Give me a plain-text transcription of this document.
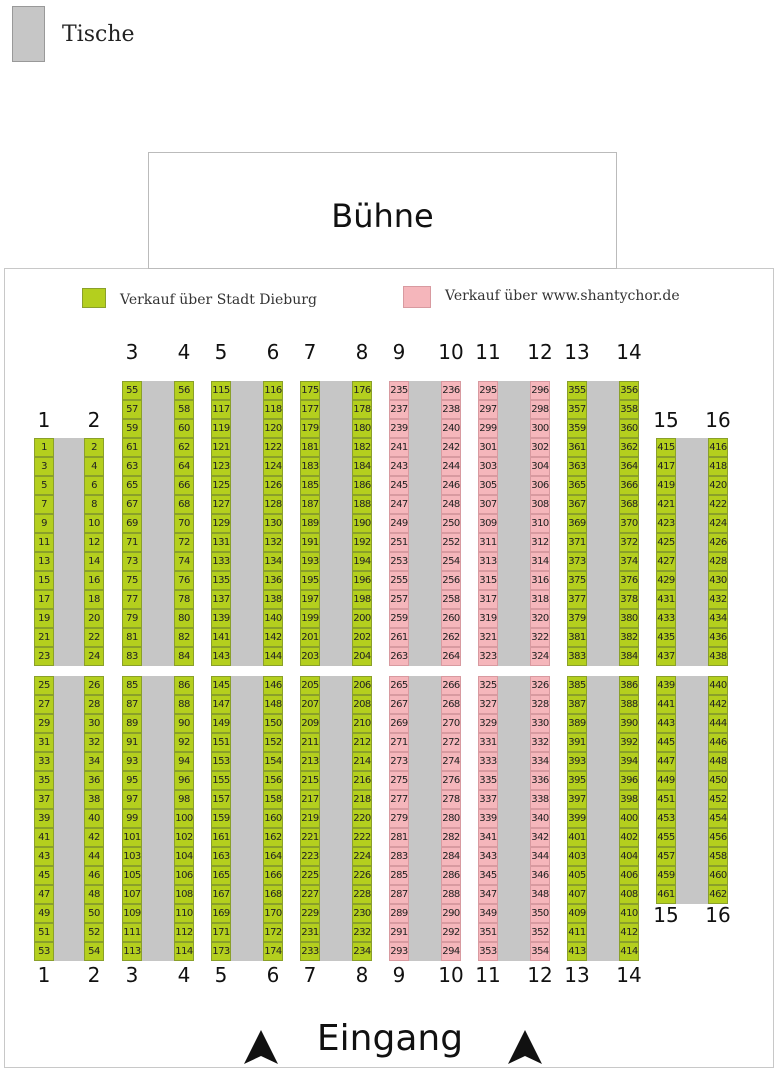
Tische
Bühne
Verkauf über Stadt Dieburg	Verkauf über www.shantychor.de
1
3
5
7
9
11
13
15
17
19
21
23
2
4
6
8
10
12
14
16
18
20
22
24
25
27
29
31
33
35
37
39
41
43
45
47
49
51
53
26
28
30
32
34
36
38
40
42
44
46
48
50
52
54
1
1
2
2
55
57
59
61
63
65
67
69
71
73
75
77
79
81
83
56
58
60
62
64
66
68
70
72
74
76
78
80
82
84
85
87
89
91
93
95
97
99
101
103
105
107
109
111
113
86
88
90
92
94
96
98
100
102
104
106
108
110
112
114
3
3
4
4
115
117
119
121
123
125
127
129
131
133
135
137
139
141
143
116
118
120
122
124
126
128
130
132
134
136
138
140
142
144
145
147
149
151
153
155
157
159
161
163
165
167
169
171
173
146
148
150
152
154
156
158
160
162
164
166
168
170
172
174
5
5
6
6
175
177
179
181
183
185
187
189
191
193
195
197
199
201
203
176
178
180
182
184
186
188
190
192
194
196
198
200
202
204
205
207
209
211
213
215
217
219
221
223
225
227
229
231
233
206
208
210
212
214
216
218
220
222
224
226
228
230
232
234
7
7
8
8
235
237
239
241
243
245
247
249
251
253
255
257
259
261
263
236
238
240
242
244
246
248
250
252
254
256
258
260
262
264
265
267
269
271
273
275
277
279
281
283
285
287
289
291
293
266
268
270
272
274
276
278
280
282
284
286
288
290
292
294
9
9
10
10
295
297
299
301
303
305
307
309
311
313
315
317
319
321
323
296
298
300
302
304
306
308
310
312
314
316
318
320
322
324
325
327
329
331
333
335
337
339
341
343
345
347
349
351
353
326
328
330
332
334
336
338
340
342
344
346
348
350
352
354
11
11
12
12
355
357
359
361
363
365
367
369
371
373
375
377
379
381
383
356
358
360
362
364
366
368
370
372
374
376
378
380
382
384
385
387
389
391
393
395
397
399
401
403
405
407
409
411
413
386
388
390
392
394
396
398
400
402
404
406
408
410
412
414
13
13
14
14
415
417
419
421
423
425
427
429
431
433
435
437
416
418
420
422
424
426
428
430
432
434
436
438
439
441
443
445
447
449
451
453
455
457
459
461
440
442
444
446
448
450
452
454
456
458
460
462
15
15
16
16
Eingang
